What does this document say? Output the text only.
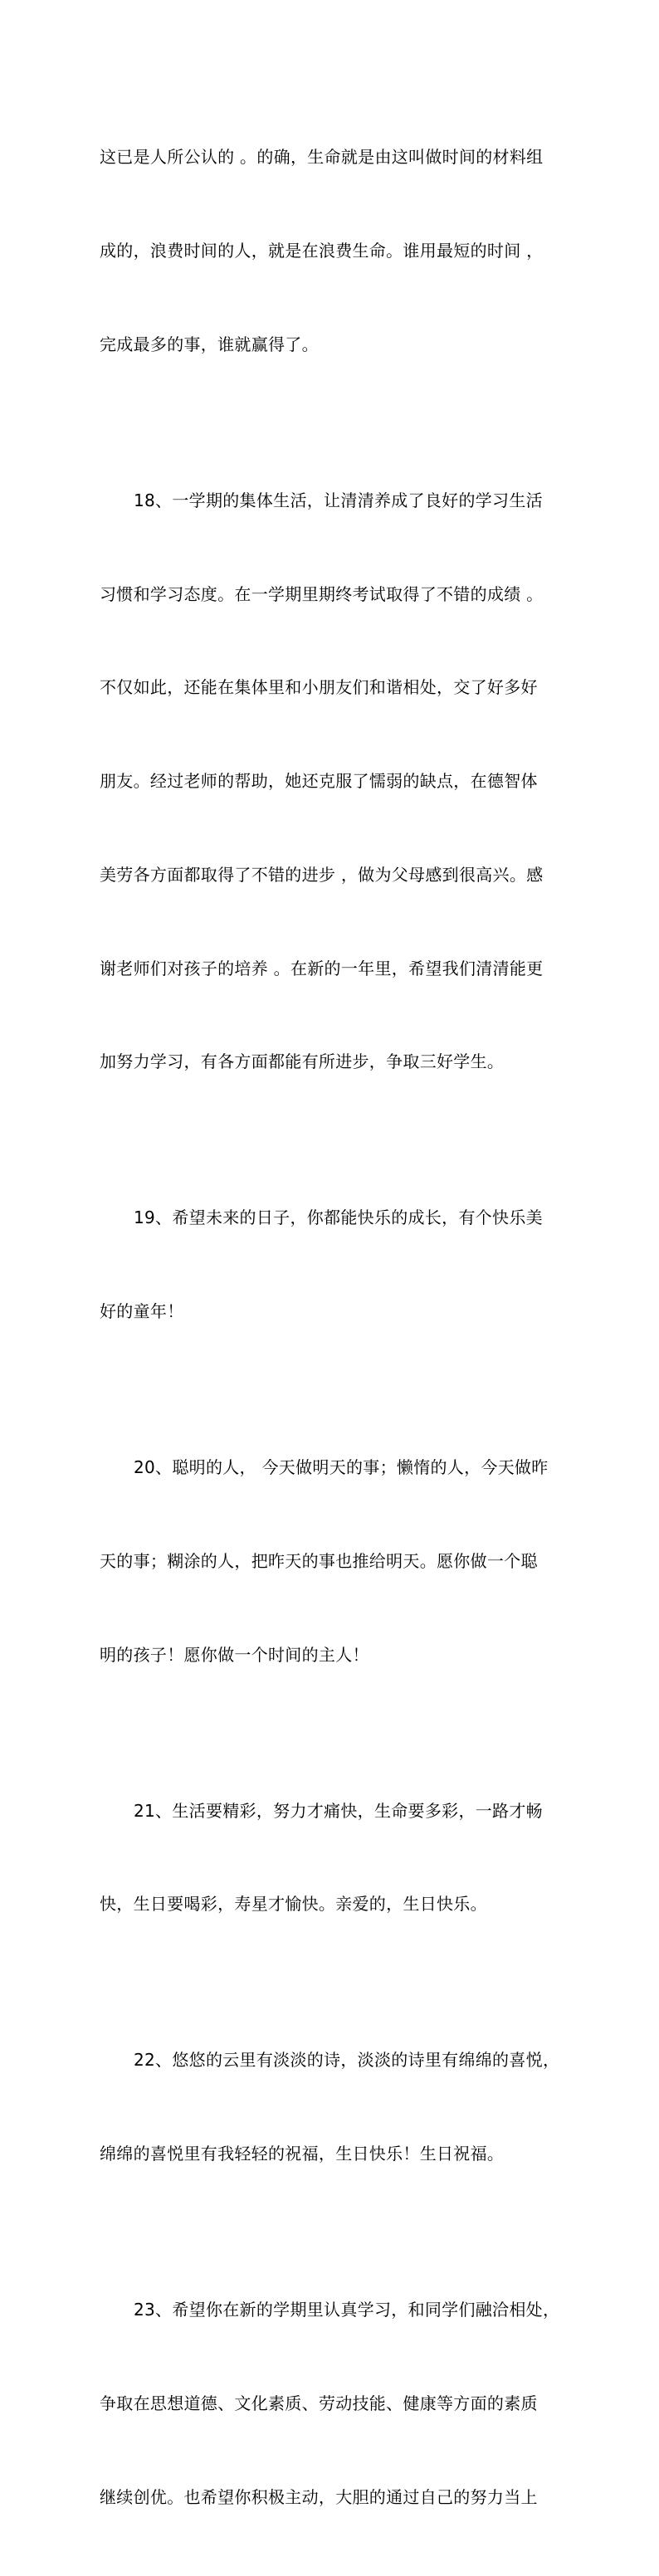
这已是人所公认的 。的确，生命就是由这叫做时间的材料组

成的，浪费时间的人，就是在浪费生命。谁用最短的时间 ，

完成最多的事，谁就赢得了。

18、一学期的集体生活，让清清养成了良好的学习生活

习惯和学习态度。在一学期里期终考试取得了不错的成绩 。

不仅如此，还能在集体里和小朋友们和谐相处，交了好多好

朋友。经过老师的帮助，她还克服了懦弱的缺点，在德智体

美劳各方面都取得了不错的进步 ，做为父母感到很高兴。感

谢老师们对孩子的培养 。在新的一年里，希望我们清清能更

加努力学习，有各方面都能有所进步，争取三好学生。

19、希望未来的日子，你都能快乐的成长，有个快乐美

好的童年！

20、聪明的人， 今天做明天的事；懒惰的人，今天做昨

天的事；糊涂的人，把昨天的事也推给明天。愿你做一个聪

明的孩子！愿你做一个时间的主人！

21、生活要精彩，努力才痛快，生命要多彩，一路才畅

快，生日要喝彩，寿星才愉快。亲爱的，生日快乐。

22、悠悠的云里有淡淡的诗，淡淡的诗里有绵绵的喜悦，

绵绵的喜悦里有我轻轻的祝福，生日快乐！生日祝福。

23、希望你在新的学期里认真学习，和同学们融洽相处，

争取在思想道德、文化素质、劳动技能、健康等方面的素质

继续创优。也希望你积极主动，大胆的通过自己的努力当上
